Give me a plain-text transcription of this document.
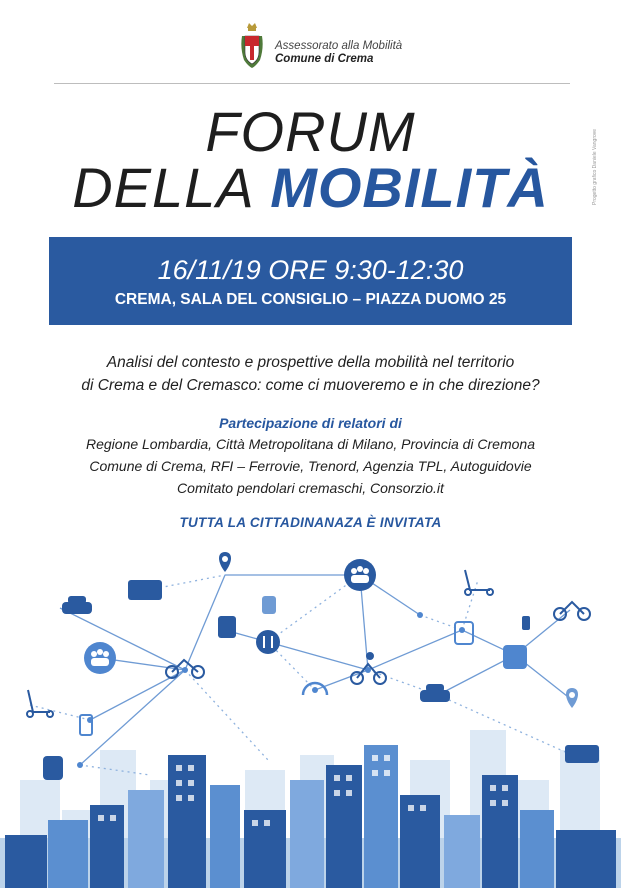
Assessorato alla Mobilità
Comune di Crema
Progetto grafico Daniele Vangrove
FORUM
DELLA MOBILITÀ
16/11/19 ORE 9:30-12:30
CREMA, SALA DEL CONSIGLIO – PIAZZA DUOMO 25
Analisi del contesto e prospettive della mobilità nel territorio
di Crema e del Cremasco: come ci muoveremo e in che direzione?
Partecipazione di relatori di
Regione Lombardia, Città Metropolitana di Milano, Provincia di Cremona
Comune di Crema, RFI – Ferrovie, Trenord, Agenzia TPL, Autoguidovie
Comitato pendolari cremaschi, Consorzio.it
TUTTA LA CITTADINANAZA È INVITATA
